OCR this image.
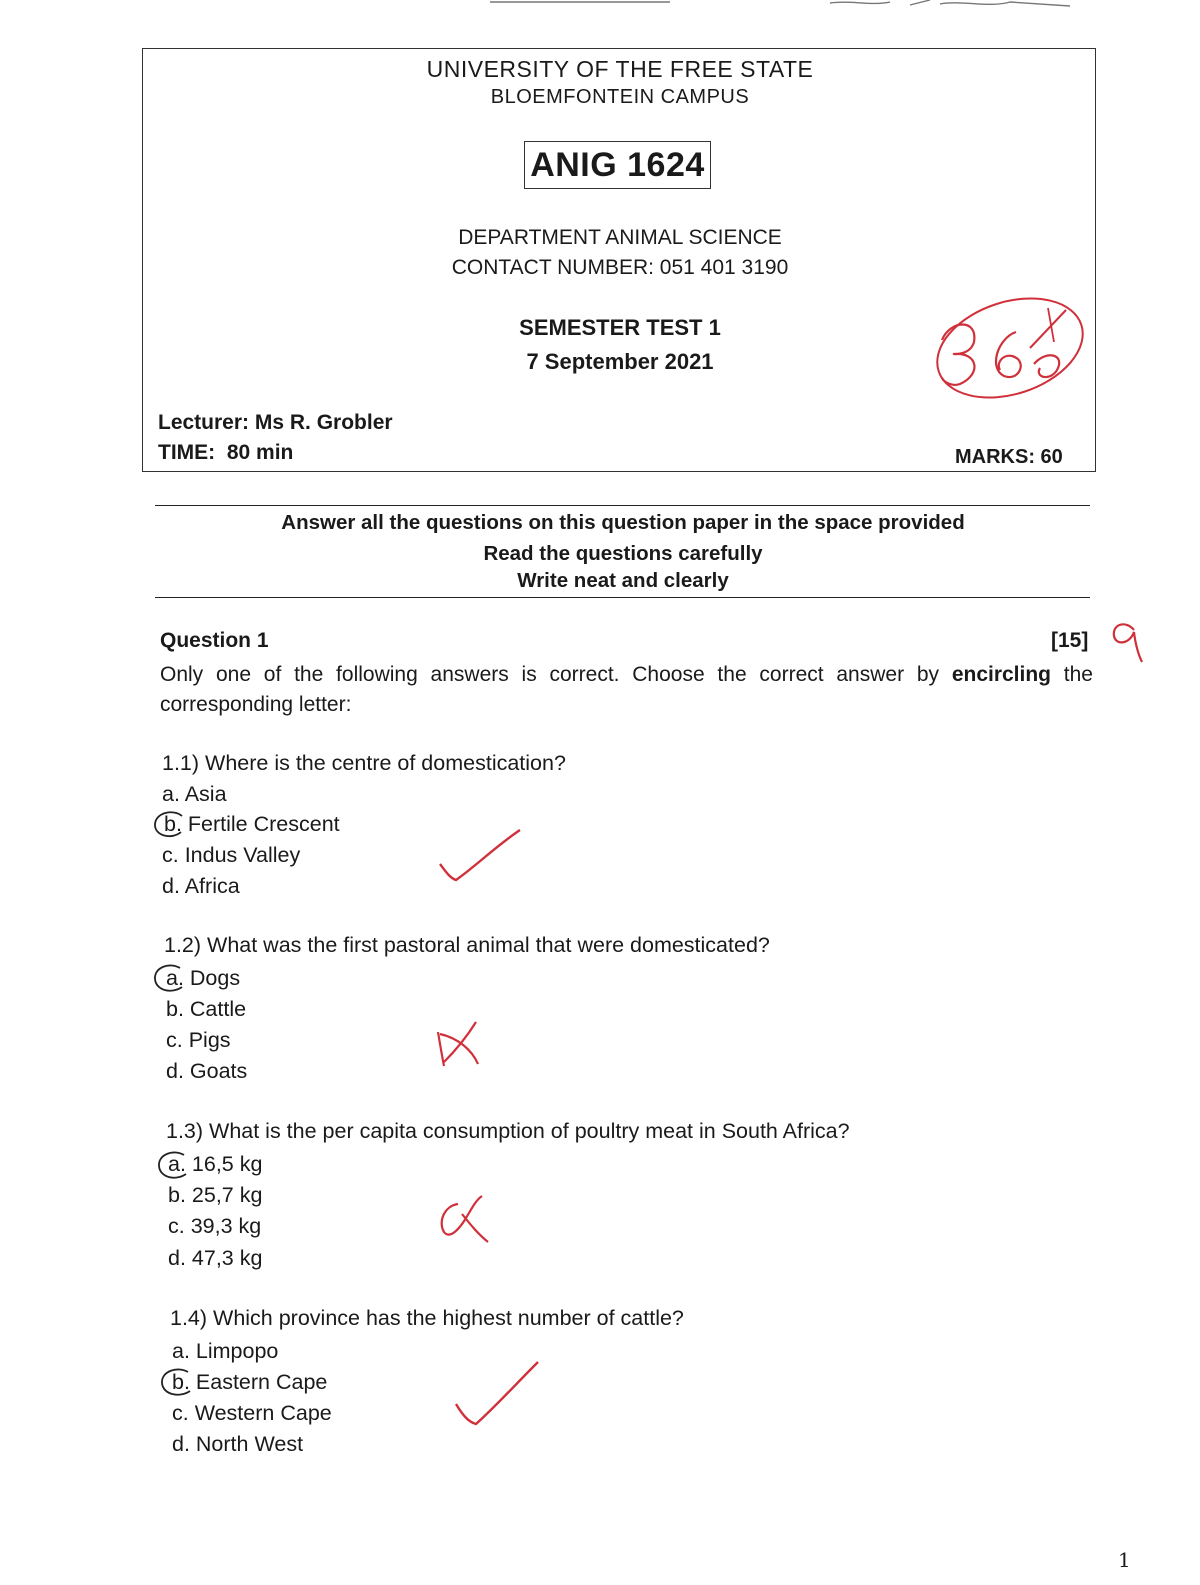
UNIVERSITY OF THE FREE STATE
BLOEMFONTEIN CAMPUS
ANIG 1624
DEPARTMENT ANIMAL SCIENCE
CONTACT NUMBER: 051 401 3190
SEMESTER TEST 1
7 September 2021
Lecturer: Ms R. Grobler
TIME:  80 min	MARKS: 60
Answer all the questions on this question paper in the space provided
Read the questions carefully
Write neat and clearly
Question 1	[15]
Only one of the following answers is correct. Choose the correct answer by encircling the corresponding letter:
1.1) Where is the centre of domestication?
a. Asia
b. Fertile Crescent
c. Indus Valley
d. Africa
1.2) What was the first pastoral animal that were domesticated?
a. Dogs
b. Cattle
c. Pigs
d. Goats
1.3) What is the per capita consumption of poultry meat in South Africa?
a. 16,5 kg
b. 25,7 kg
c. 39,3 kg
d. 47,3 kg
1.4) Which province has the highest number of cattle?
a. Limpopo
b. Eastern Cape
c. Western Cape
d. North West
1
